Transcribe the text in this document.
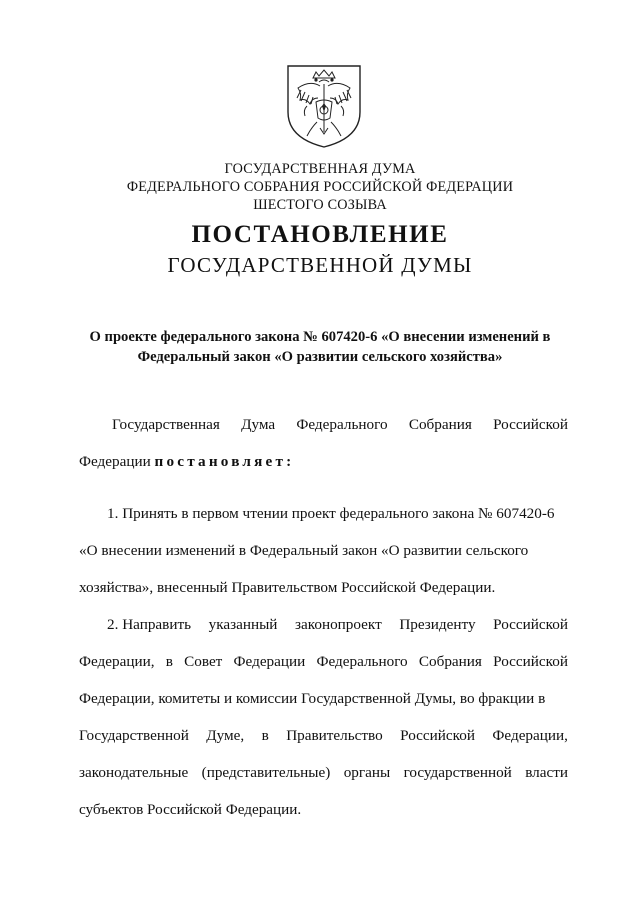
ГОСУДАРСТВЕННАЯ ДУМА
ФЕДЕРАЛЬНОГО СОБРАНИЯ РОССИЙСКОЙ ФЕДЕРАЦИИ
ШЕСТОГО СОЗЫВА
ПОСТАНОВЛЕНИЕ
ГОСУДАРСТВЕННОЙ ДУМЫ
О проекте федерального закона № 607420-6 «О внесении изменений в
Федеральный закон «О развитии сельского хозяйства»
Государственная Дума Федерального Собрания Российской
Федерации постановляет:
1. Принять в первом чтении проект федерального закона № 607420-6
«О внесении изменений в Федеральный закон «О развитии сельского
хозяйства», внесенный Правительством Российской Федерации.
2. Направить указанный законопроект Президенту Российской
Федерации, в Совет Федерации Федерального Собрания Российской
Федерации, комитеты и комиссии Государственной Думы, во фракции в
Государственной Думе, в Правительство Российской Федерации,
законодательные (представительные) органы государственной власти
субъектов Российской Федерации.
